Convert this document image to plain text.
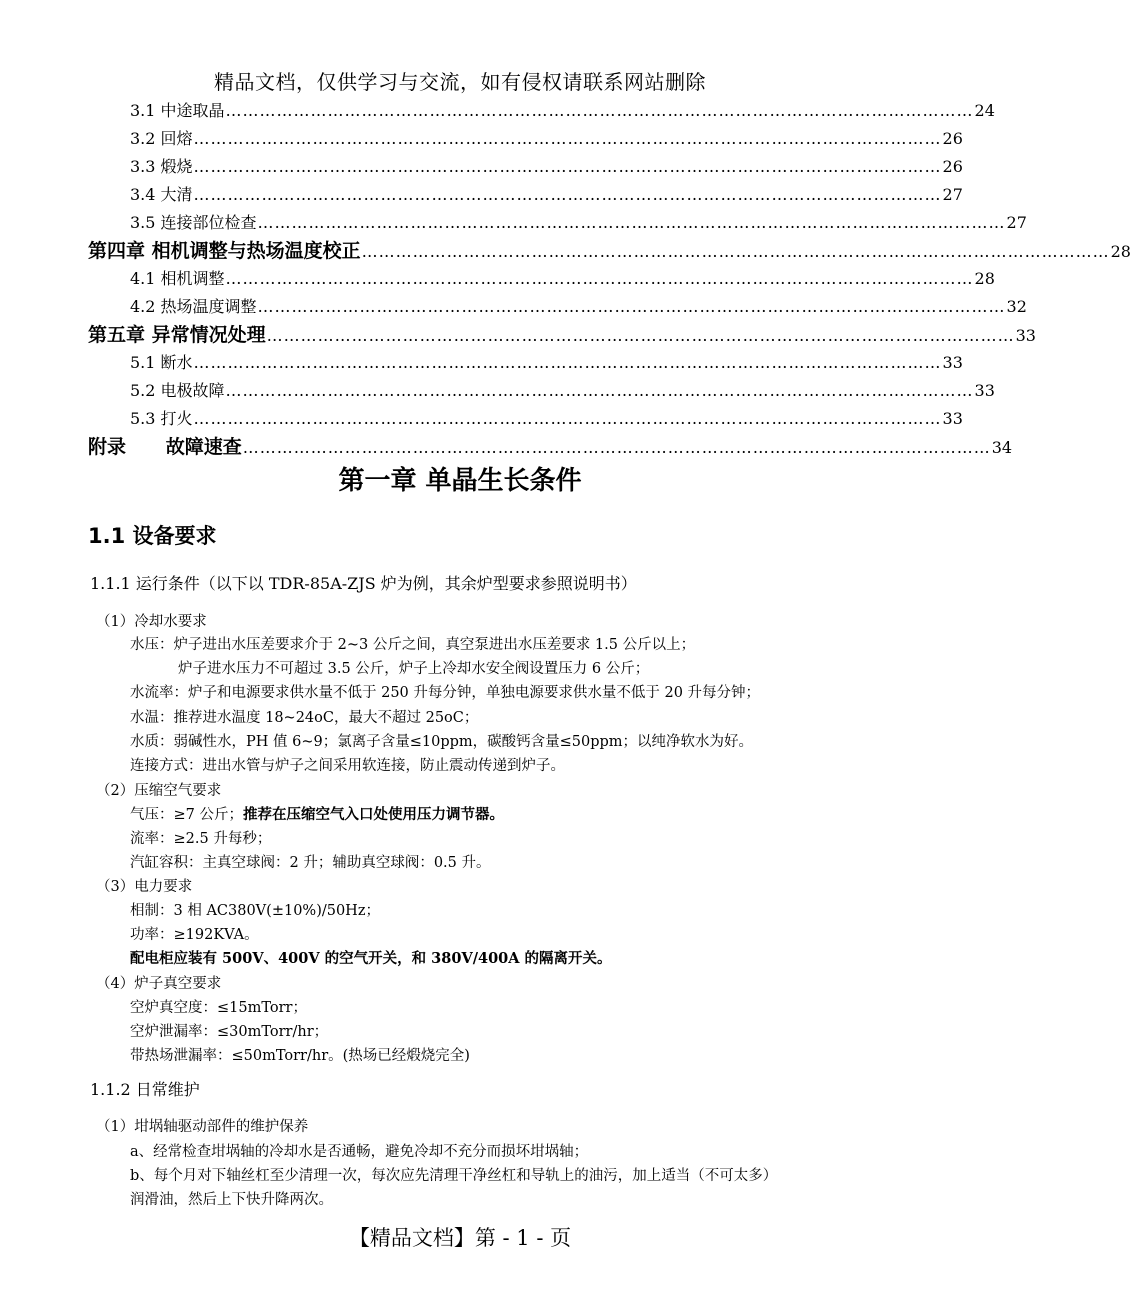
精品文档，仅供学习与交流，如有侵权请联系网站删除
3.1 中途取晶 …………………………………………………………………………………………………………………… 24
3.2 回熔 …………………………………………………………………………………………………………………… 26
3.3 煅烧 …………………………………………………………………………………………………………………… 26
3.4 大清 …………………………………………………………………………………………………………………… 27
3.5 连接部位检查 …………………………………………………………………………………………………………………… 27
第四章 相机调整与热场温度校正 …………………………………………………………………………………………………………………… 28
4.1 相机调整 …………………………………………………………………………………………………………………… 28
4.2 热场温度调整 …………………………………………………………………………………………………………………… 32
第五章 异常情况处理 …………………………………………………………………………………………………………………… 33
5.1 断水 …………………………………………………………………………………………………………………… 33
5.2 电极故障 …………………………………………………………………………………………………………………… 33
5.3 打火 …………………………………………………………………………………………………………………… 33
附录      故障速查 …………………………………………………………………………………………………………………… 34
第一章 单晶生长条件
1.1 设备要求
1.1.1 运行条件（以下以 TDR-85A-ZJS 炉为例，其余炉型要求参照说明书）
（1）冷却水要求
水压：炉子进出水压差要求介于 2~3 公斤之间，真空泵进出水压差要求 1.5 公斤以上；
炉子进水压力不可超过 3.5 公斤，炉子上冷却水安全阀设置压力 6 公斤；
水流率：炉子和电源要求供水量不低于 250 升每分钟，单独电源要求供水量不低于 20 升每分钟；
水温：推荐进水温度 18~24oC，最大不超过 25oC；
水质：弱碱性水，PH 值 6~9；氯离子含量≤10ppm，碳酸钙含量≤50ppm；以纯净软水为好。
连接方式：进出水管与炉子之间采用软连接，防止震动传递到炉子。
（2）压缩空气要求
气压：≥7 公斤；推荐在压缩空气入口处使用压力调节器。
流率：≥2.5 升每秒；
汽缸容积：主真空球阀：2 升；辅助真空球阀：0.5 升。
（3）电力要求
相制：3 相 AC380V(±10%)/50Hz；
功率：≥192KVA。
配电柜应装有 500V、400V 的空气开关，和 380V/400A 的隔离开关。
（4）炉子真空要求
空炉真空度：≤15mTorr；
空炉泄漏率：≤30mTorr/hr；
带热场泄漏率：≤50mTorr/hr。(热场已经煅烧完全)
1.1.2 日常维护
（1）坩埚轴驱动部件的维护保养
a、经常检查坩埚轴的冷却水是否通畅，避免冷却不充分而损坏坩埚轴；
b、每个月对下轴丝杠至少清理一次，每次应先清理干净丝杠和导轨上的油污，加上适当（不可太多）
润滑油，然后上下快升降两次。
【精品文档】第 - 1 - 页
